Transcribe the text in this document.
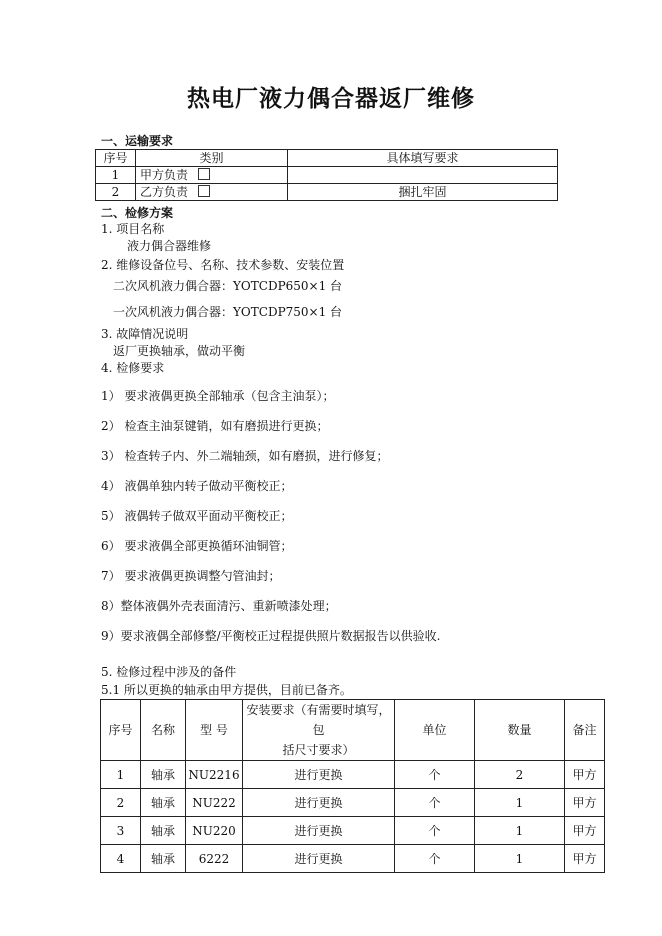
热电厂液力偶合器返厂维修
一、运输要求
序号	类别	具体填写要求
1	甲方负责	
2	乙方负责	捆扎牢固
二、检修方案
1. 项目名称
液力偶合器维修
2. 维修设备位号、名称、技术参数、安装位置
二次风机液力偶合器：YOTCDP650×1 台
一次风机液力偶合器：YOTCDP750×1 台
3. 故障情况说明
返厂更换轴承，做动平衡
4. 检修要求
1） 要求液偶更换全部轴承（包含主油泵）；
2） 检查主油泵键销，如有磨损进行更换；
3） 检查转子内、外二端轴颈，如有磨损，进行修复；
4） 液偶单独内转子做动平衡校正；
5） 液偶转子做双平面动平衡校正；
6） 要求液偶全部更换循环油铜管；
7） 要求液偶更换调整勺管油封；
8）整体液偶外壳表面清污、重新喷漆处理；
9）要求液偶全部修整/平衡校正过程提供照片数据报告以供验收.
5. 检修过程中涉及的备件
5.1 所以更换的轴承由甲方提供，目前已备齐。
序号	名称	型 号	安装要求（有需要时填写，包
括尺寸要求）	单位	数量	备注
1	轴承	NU2216	进行更换	个	2	甲方
2	轴承	NU222	进行更换	个	1	甲方
3	轴承	NU220	进行更换	个	1	甲方
4	轴承	6222	进行更换	个	1	甲方
